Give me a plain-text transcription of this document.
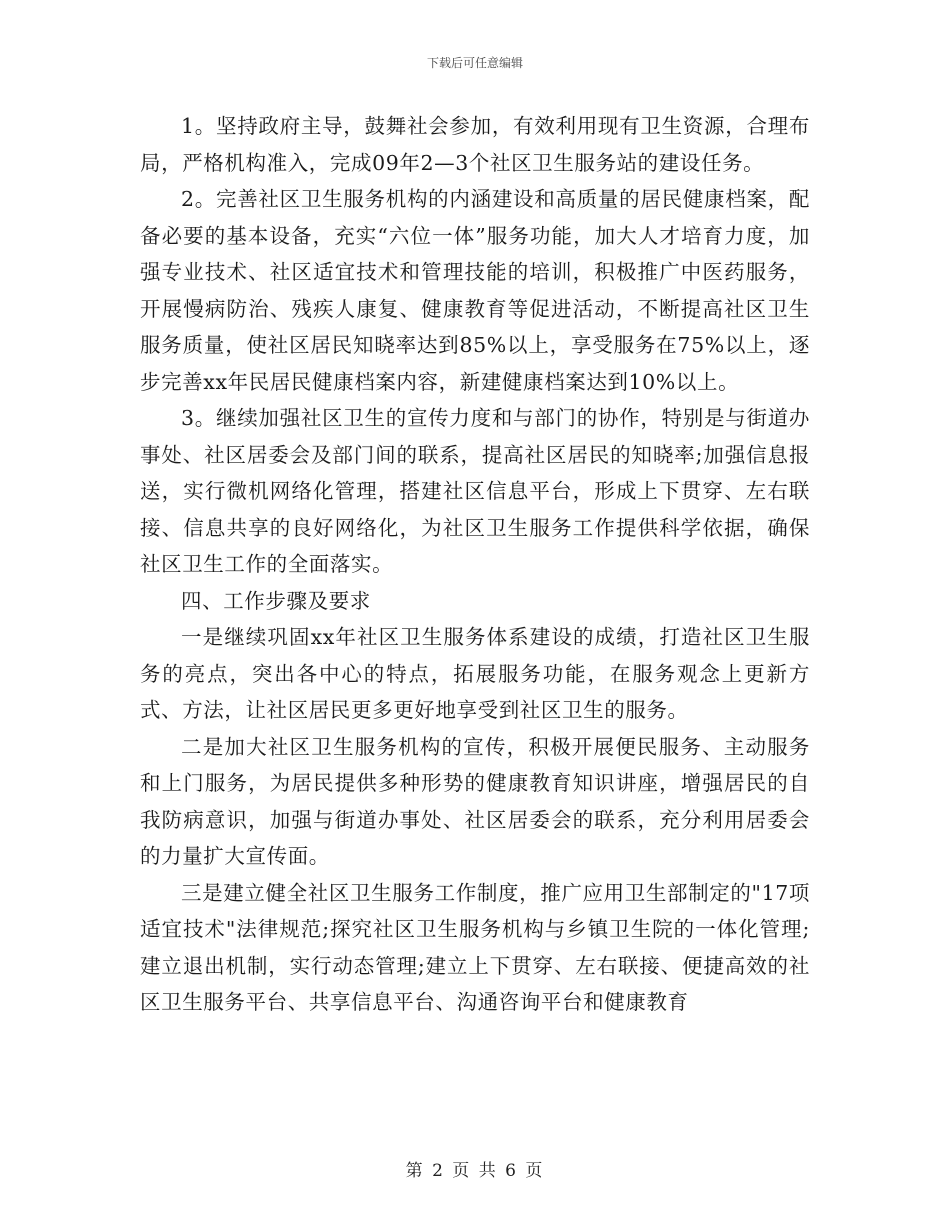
下载后可任意编辑

1。坚持政府主导，鼓舞社会参加，有效利用现有卫生资源，合理布局，严格机构准入，完成09年2—3个社区卫生服务站的建设任务。

2。完善社区卫生服务机构的内涵建设和高质量的居民健康档案，配备必要的基本设备，充实“六位一体”服务功能，加大人才培育力度，加强专业技术、社区适宜技术和管理技能的培训，积极推广中医药服务，开展慢病防治、残疾人康复、健康教育等促进活动，不断提高社区卫生服务质量，使社区居民知晓率达到85%以上，享受服务在75%以上，逐步完善xx年民居民健康档案内容，新建健康档案达到10%以上。

3。继续加强社区卫生的宣传力度和与部门的协作，特别是与街道办事处、社区居委会及部门间的联系，提高社区居民的知晓率;加强信息报送，实行微机网络化管理，搭建社区信息平台，形成上下贯穿、左右联接、信息共享的良好网络化，为社区卫生服务工作提供科学依据，确保社区卫生工作的全面落实。

四、工作步骤及要求

一是继续巩固xx年社区卫生服务体系建设的成绩，打造社区卫生服务的亮点，突出各中心的特点，拓展服务功能，在服务观念上更新方式、方法，让社区居民更多更好地享受到社区卫生的服务。

二是加大社区卫生服务机构的宣传，积极开展便民服务、主动服务和上门服务，为居民提供多种形势的健康教育知识讲座，增强居民的自我防病意识，加强与街道办事处、社区居委会的联系，充分利用居委会的力量扩大宣传面。

三是建立健全社区卫生服务工作制度，推广应用卫生部制定的"17项适宜技术"法律规范;探究社区卫生服务机构与乡镇卫生院的一体化管理;建立退出机制，实行动态管理;建立上下贯穿、左右联接、便捷高效的社区卫生服务平台、共享信息平台、沟通咨询平台和健康教育

第 2 页 共 6 页
